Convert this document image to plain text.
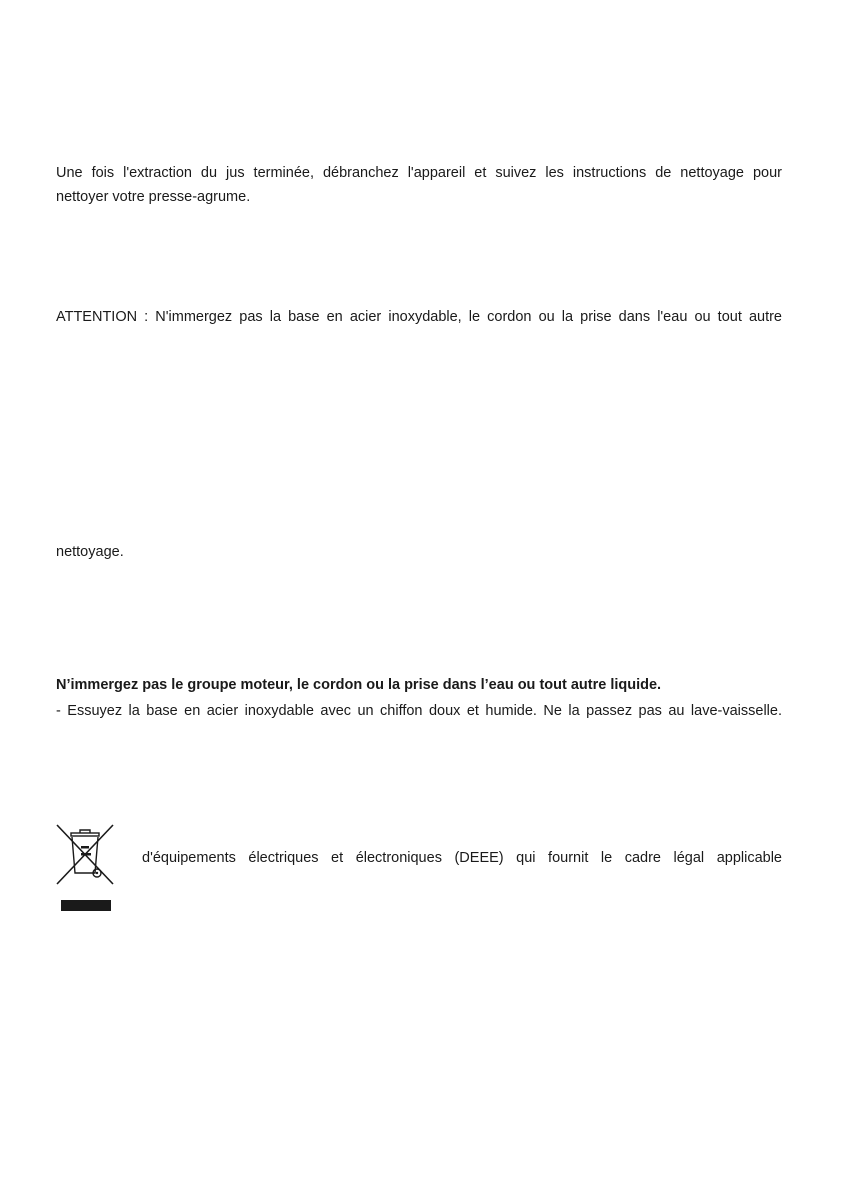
Une fois l'extraction du jus terminée, débranchez l'appareil et suivez les instructions de nettoyage pour
nettoyer votre presse-agrume.
ATTENTION : N'immergez pas la base en acier inoxydable, le cordon ou la prise dans l'eau ou tout autre
nettoyage.
N’immergez pas le groupe moteur, le cordon ou la prise dans l’eau ou tout autre liquide.
- Essuyez la base en acier inoxydable avec un chiffon doux et humide. Ne la passez pas au lave-vaisselle.
d'équipements électriques et électroniques (DEEE) qui fournit le cadre légal applicable
